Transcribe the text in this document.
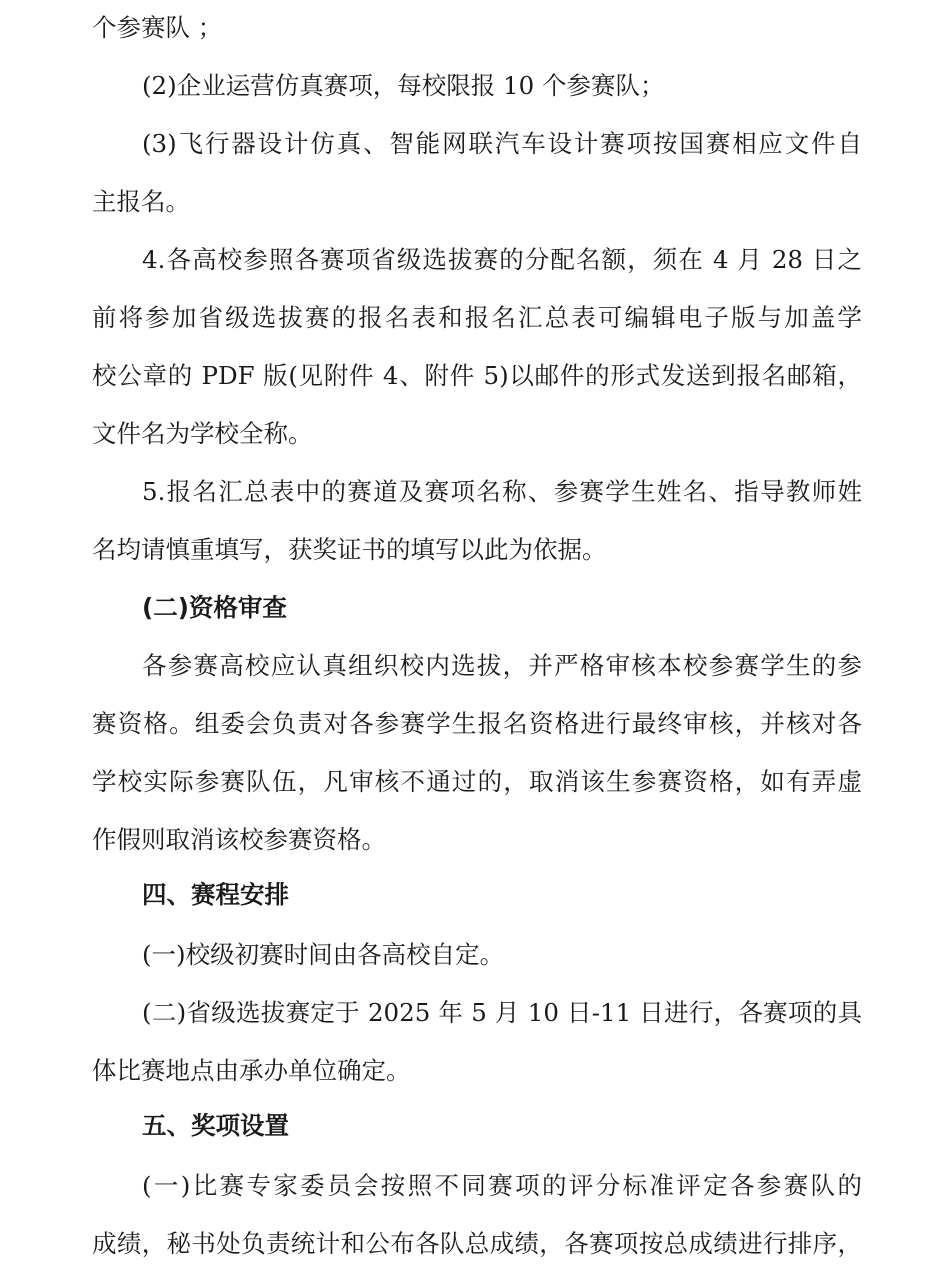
个参赛队 ；
(2)企业运营仿真赛项，每校限报 10 个参赛队；
(3)飞行器设计仿真、智能网联汽车设计赛项按国赛相应文件自
主报名。
4.各高校参照各赛项省级选拔赛的分配名额，须在 4 月 28 日之
前将参加省级选拔赛的报名表和报名汇总表可编辑电子版与加盖学
校公章的 PDF 版(见附件 4、附件 5)以邮件的形式发送到报名邮箱，
文件名为学校全称。
5.报名汇总表中的赛道及赛项名称、参赛学生姓名、指导教师姓
名均请慎重填写，获奖证书的填写以此为依据。
(二)资格审查
各参赛高校应认真组织校内选拔，并严格审核本校参赛学生的参
赛资格。组委会负责对各参赛学生报名资格进行最终审核，并核对各
学校实际参赛队伍，凡审核不通过的，取消该生参赛资格，如有弄虚
作假则取消该校参赛资格。
四、赛程安排
(一)校级初赛时间由各高校自定。
(二)省级选拔赛定于 2025 年 5 月 10 日-11 日进行，各赛项的具
体比赛地点由承办单位确定。
五、奖项设置
(一)比赛专家委员会按照不同赛项的评分标准评定各参赛队的
成绩，秘书处负责统计和公布各队总成绩，各赛项按总成绩进行排序，
